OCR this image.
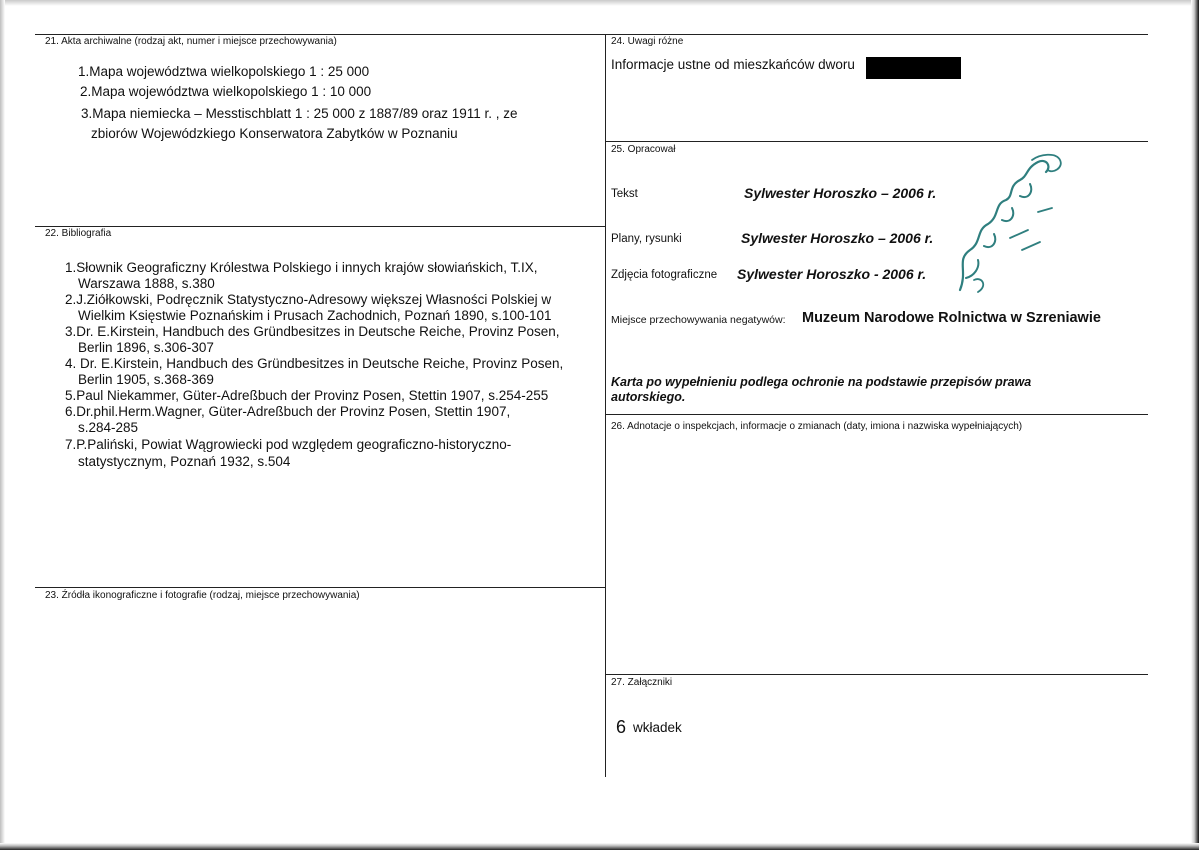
21. Akta archiwalne (rodzaj akt, numer i miejsce przechowywania)
1.Mapa województwa wielkopolskiego 1 : 25 000
2.Mapa województwa wielkopolskiego 1 : 10 000
3.Mapa niemiecka – Messtischblatt 1 : 25 000 z 1887/89 oraz 1911 r. , ze
zbiorów Wojewódzkiego Konserwatora Zabytków w Poznaniu
22. Bibliografia
1.Słownik Geograficzny Królestwa Polskiego i innych krajów słowiańskich, T.IX,
Warszawa 1888, s.380
2.J.Ziółkowski, Podręcznik Statystyczno-Adresowy większej Własności Polskiej w
Wielkim Księstwie Poznańskim i Prusach Zachodnich, Poznań 1890, s.100-101
3.Dr. E.Kirstein, Handbuch des Gründbesitzes in Deutsche Reiche, Provinz Posen,
Berlin 1896, s.306-307
4. Dr. E.Kirstein, Handbuch des Gründbesitzes in Deutsche Reiche, Provinz Posen,
Berlin 1905, s.368-369
5.Paul Niekammer, Güter-Adreßbuch der Provinz Posen, Stettin 1907, s.254-255
6.Dr.phil.Herm.Wagner, Güter-Adreßbuch der Provinz Posen, Stettin 1907,
s.284-285
7.P.Paliński, Powiat Wągrowiecki pod względem geograficzno-historyczno-
statystycznym, Poznań 1932, s.504
23. Źródła ikonograficzne i fotografie (rodzaj, miejsce przechowywania)
24. Uwagi różne
Informacje ustne od mieszkańców dworu
25. Opracował
Tekst	Sylwester Horoszko – 2006 r.
Plany, rysunki	Sylwester Horoszko – 2006 r.
Zdjęcia fotograficzne Sylwester Horoszko - 2006 r.
Miejsce przechowywania negatywów: Muzeum Narodowe Rolnictwa w Szreniawie
Karta po wypełnieniu podlega ochronie na podstawie przepisów prawa
autorskiego.
26. Adnotacje o inspekcjach, informacje o zmianach (daty, imiona i nazwiska wypełniających)
27. Załączniki
6 wkładek
